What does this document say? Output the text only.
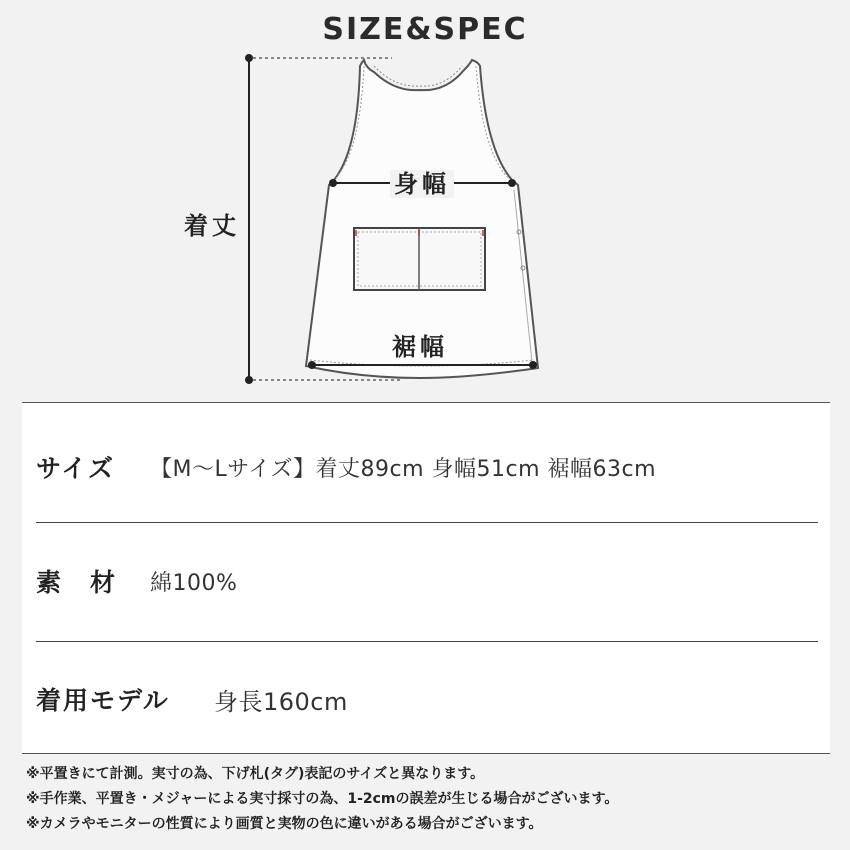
SIZE&SPEC
着丈
身幅
裾幅
サイズ	【M〜Lサイズ】着丈89cm 身幅51cm 裾幅63cm
素　材	綿100%
着用モデル	身長160cm
※平置きにて計測。実寸の為、下げ札(タグ)表記のサイズと異なります。
※手作業、平置き・メジャーによる実寸採寸の為、1-2cmの誤差が生じる場合がございます。
※カメラやモニターの性質により画質と実物の色に違いがある場合がございます。
